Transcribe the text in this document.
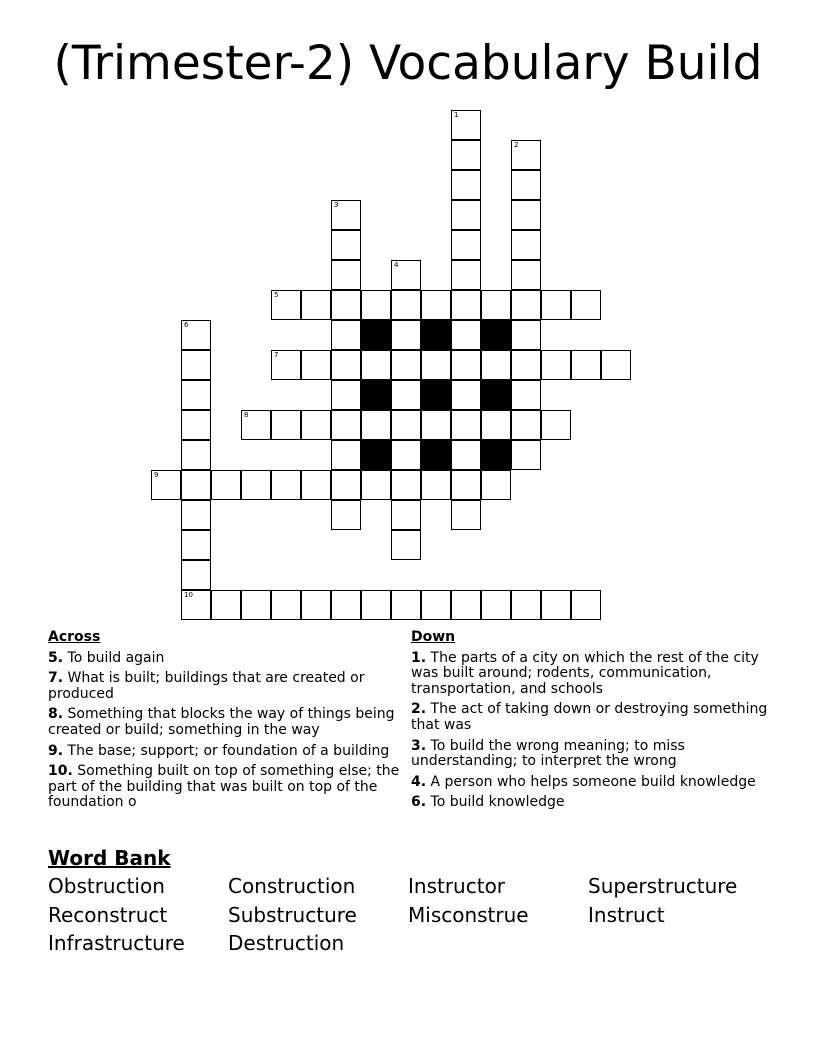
(Trimester-2) Vocabulary Build
1
2
3
4
5
6
7
8
9
10
Across
5. To build again
7. What is built; buildings that are created or produced
8. Something that blocks the way of things being created or build; something in the way
9. The base; support; or foundation of a building
10. Something built on top of something else; the part of the building that was built on top of the foundation o
Down
1. The parts of a city on which the rest of the city was built around; rodents, communication, transportation, and schools
2. The act of taking down or destroying something that was
3. To build the wrong meaning; to miss understanding; to interpret the wrong
4. A person who helps someone build knowledge
6. To build knowledge
Word Bank
Obstruction	Construction	Instructor	Superstructure
Reconstruct	Substructure	Misconstrue	Instruct
Infrastructure Destruction
